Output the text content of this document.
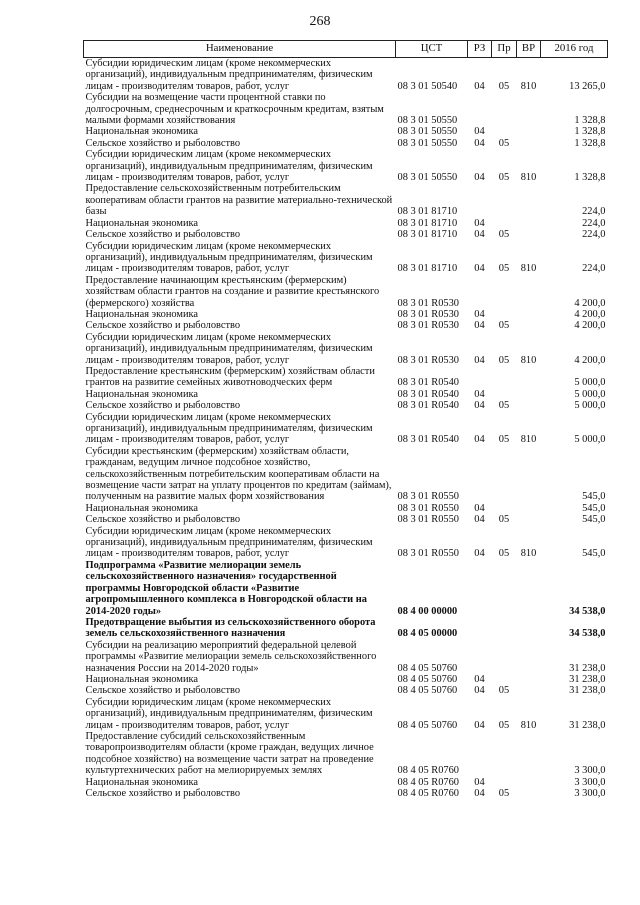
268
Наименование	ЦСТ	РЗ	Пр	ВР	2016 год
Субсидии юридическим лицам (кроме некоммерческих организаций), индивидуальным предпринимателям, физическим лицам - производителям товаров, работ, услуг	08 3 01 50540	04	05	810	13 265,0
Субсидии на возмещение части процентной ставки по долгосрочным, среднесрочным и краткосрочным кредитам, взятым малыми формами хозяйствования	08 3 01 50550				1 328,8
Национальная экономика	08 3 01 50550	04			1 328,8
Сельское хозяйство и рыболовство	08 3 01 50550	04	05		1 328,8
Субсидии юридическим лицам (кроме некоммерческих организаций), индивидуальным предпринимателям, физическим лицам - производителям товаров, работ, услуг	08 3 01 50550	04	05	810	1 328,8
Предоставление сельскохозяйственным потребительским кооперативам области грантов на развитие материально-технической базы	08 3 01 81710				224,0
Национальная экономика	08 3 01 81710	04			224,0
Сельское хозяйство и рыболовство	08 3 01 81710	04	05		224,0
Субсидии юридическим лицам (кроме некоммерческих организаций), индивидуальным предпринимателям, физическим лицам - производителям товаров, работ, услуг	08 3 01 81710	04	05	810	224,0
Предоставление начинающим крестьянским (фермерским) хозяйствам области грантов на создание и развитие крестьянского (фермерского) хозяйства	08 3 01 R0530				4 200,0
Национальная экономика	08 3 01 R0530	04			4 200,0
Сельское хозяйство и рыболовство	08 3 01 R0530	04	05		4 200,0
Субсидии юридическим лицам (кроме некоммерческих организаций), индивидуальным предпринимателям, физическим лицам - производителям товаров, работ, услуг	08 3 01 R0530	04	05	810	4 200,0
Предоставление крестьянским (фермерским) хозяйствам области грантов на развитие семейных животноводческих ферм	08 3 01 R0540				5 000,0
Национальная экономика	08 3 01 R0540	04			5 000,0
Сельское хозяйство и рыболовство	08 3 01 R0540	04	05		5 000,0
Субсидии юридическим лицам (кроме некоммерческих организаций), индивидуальным предпринимателям, физическим лицам - производителям товаров, работ, услуг	08 3 01 R0540	04	05	810	5 000,0
Субсидии крестьянским (фермерским) хозяйствам области, гражданам, ведущим личное подсобное хозяйство, сельскохозяйственным потребительским кооперативам области на возмещение части затрат на уплату процентов по кредитам (займам), полученным на развитие малых форм хозяйствования	08 3 01 R0550				545,0
Национальная экономика	08 3 01 R0550	04			545,0
Сельское хозяйство и рыболовство	08 3 01 R0550	04	05		545,0
Субсидии юридическим лицам (кроме некоммерческих организаций), индивидуальным предпринимателям, физическим лицам - производителям товаров, работ, услуг	08 3 01 R0550	04	05	810	545,0
Подпрограмма «Развитие мелиорации земель сельскохозяйственного назначения» государственной программы Новгородской области «Развитие агропромышленного комплекса в Новгородской области на 2014-2020 годы»	08 4 00 00000				34 538,0
Предотвращение выбытия из сельскохозяйственного оборота земель сельскохозяйственного назначения	08 4 05 00000				34 538,0
Субсидии на реализацию мероприятий федеральной целевой программы «Развитие мелиорации земель сельскохозяйственного назначения России на 2014-2020 годы»	08 4 05 50760				31 238,0
Национальная экономика	08 4 05 50760	04			31 238,0
Сельское хозяйство и рыболовство	08 4 05 50760	04	05		31 238,0
Субсидии юридическим лицам (кроме некоммерческих организаций), индивидуальным предпринимателям, физическим лицам - производителям товаров, работ, услуг	08 4 05 50760	04	05	810	31 238,0
Предоставление субсидий сельскохозяйственным товаропроизводителям области (кроме граждан, ведущих личное подсобное хозяйство) на возмещение части затрат на проведение культуртехнических работ на мелиорируемых землях	08 4 05 R0760				3 300,0
Национальная экономика	08 4 05 R0760	04			3 300,0
Сельское хозяйство и рыболовство	08 4 05 R0760	04	05		3 300,0
